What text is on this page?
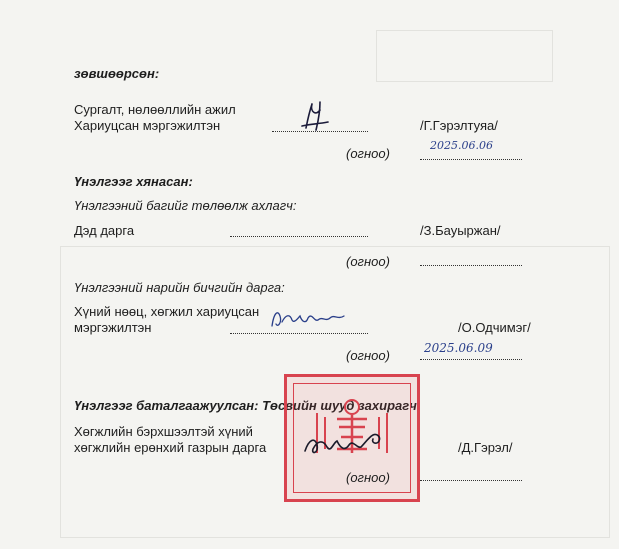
зөвшөөрсөн:
Сургалт, нөлөөллийн ажил
Хариуцсан мэргэжилтэн	/Г.Гэрэлтуяа/
(огноо)
2025.06.06
Үнэлгээг хянасан:
Үнэлгээний багийг төлөөлж ахлагч:
Дэд дарга	/З.Бауыржан/
(огноо)
Үнэлгээний нарийн бичгийн дарга:
Хүний нөөц, хөгжил хариуцсан
мэргэжилтэн	/О.Одчимэг/
(огноо)	2025.06.09
Үнэлгээг баталгаажуулсан: Төсвийн шууд захирагч
Хөгжлийн бэрхшээлтэй хүний
хөгжлийн ерөнхий газрын дарга	/Д.Гэрэл/
(огноо)
